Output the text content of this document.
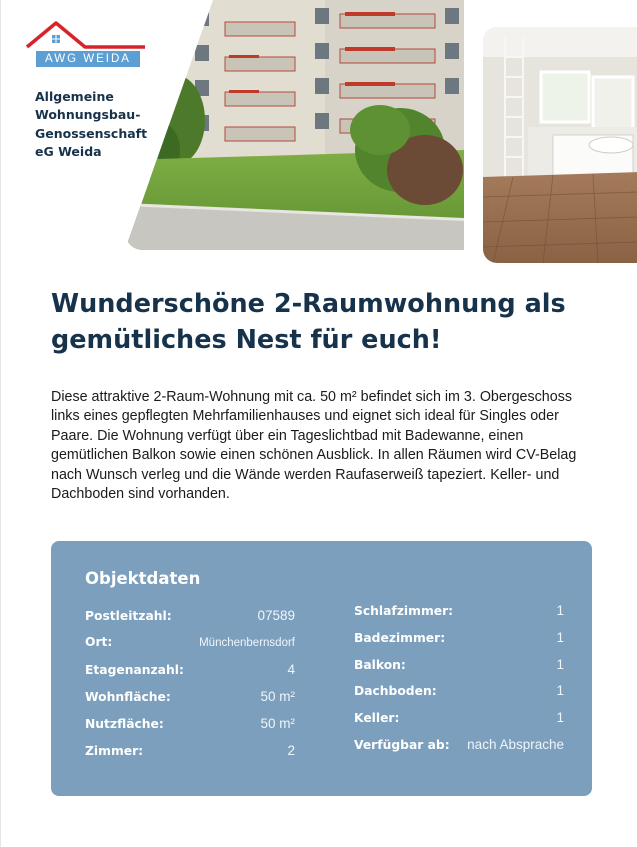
AWG WEIDA
Allgemeine Wohnungsbau-Genossenschaft eG Weida
Wunderschöne 2-Raumwohnung als gemütliches Nest für euch!

Diese attraktive 2-Raum-Wohnung mit ca. 50 m² befindet sich im 3. Obergeschoss links eines gepflegten Mehrfamilienhauses und eignet sich ideal für Singles oder Paare. Die Wohnung verfügt über ein Tageslichtbad mit Badewanne, einen gemütlichen Balkon sowie einen schönen Ausblick. In allen Räumen wird CV-Belag nach Wunsch verleg und die Wände werden Raufaserweiß tapeziert. Keller- und Dachboden sind vorhanden.

Objektdaten
Postleitzahl:	07589
Ort:	Münchenbernsdorf
Etagenanzahl:	4
Wohnfläche:	50 m²
Nutzfläche:	50 m²
Zimmer:	2
Schlafzimmer:	1
Badezimmer:	1
Balkon:	1
Dachboden:	1
Keller:	1
Verfügbar ab: nach Absprache
